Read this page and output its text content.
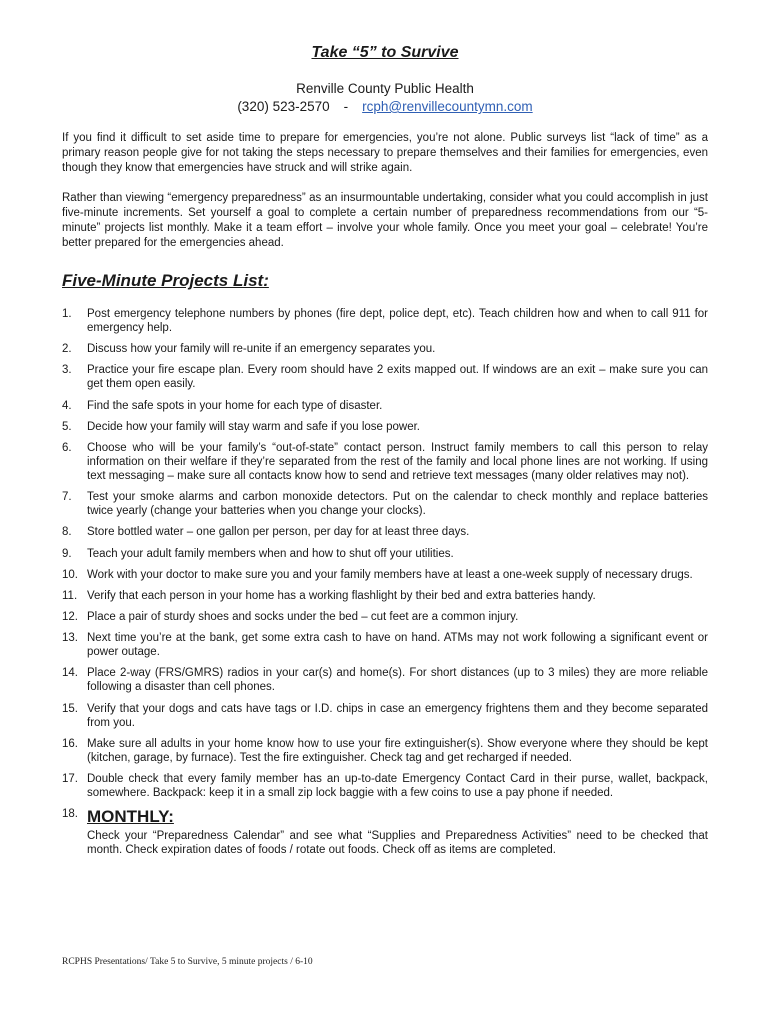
Take “5” to Survive
Renville County Public Health
(320) 523-2570 - rcph@renvillecountymn.com

If you find it difficult to set aside time to prepare for emergencies, you’re not alone. Public surveys list “lack of time” as a primary reason people give for not taking the steps necessary to prepare themselves and their families for emergencies, even though they know that emergencies have struck and will strike again.

Rather than viewing “emergency preparedness” as an insurmountable undertaking, consider what you could accomplish in just five-minute increments. Set yourself a goal to complete a certain number of preparedness recommendations from our “5-minute” projects list monthly. Make it a team effort – involve your whole family. Once you meet your goal – celebrate! You’re better prepared for the emergencies ahead.

Five-Minute Projects List:
1. Post emergency telephone numbers by phones (fire dept, police dept, etc). Teach children how and when to call 911 for emergency help.
2. Discuss how your family will re-unite if an emergency separates you.
3. Practice your fire escape plan. Every room should have 2 exits mapped out. If windows are an exit – make sure you can get them open easily.
4. Find the safe spots in your home for each type of disaster.
5. Decide how your family will stay warm and safe if you lose power.
6. Choose who will be your family’s “out-of-state” contact person. Instruct family members to call this person to relay information on their welfare if they’re separated from the rest of the family and local phone lines are not working. If using text messaging – make sure all contacts know how to send and retrieve text messages (many older relatives may not).
7. Test your smoke alarms and carbon monoxide detectors. Put on the calendar to check monthly and replace batteries twice yearly (change your batteries when you change your clocks).
8. Store bottled water – one gallon per person, per day for at least three days.
9. Teach your adult family members when and how to shut off your utilities.
10. Work with your doctor to make sure you and your family members have at least a one-week supply of necessary drugs.
11. Verify that each person in your home has a working flashlight by their bed and extra batteries handy.
12. Place a pair of sturdy shoes and socks under the bed – cut feet are a common injury.
13. Next time you’re at the bank, get some extra cash to have on hand. ATMs may not work following a significant event or power outage.
14. Place 2-way (FRS/GMRS) radios in your car(s) and home(s). For short distances (up to 3 miles) they are more reliable following a disaster than cell phones.
15. Verify that your dogs and cats have tags or I.D. chips in case an emergency frightens them and they become separated from you.
16. Make sure all adults in your home know how to use your fire extinguisher(s). Show everyone where they should be kept (kitchen, garage, by furnace). Test the fire extinguisher. Check tag and get recharged if needed.
17. Double check that every family member has an up-to-date Emergency Contact Card in their purse, wallet, backpack, somewhere. Backpack: keep it in a small zip lock baggie with a few coins to use a pay phone if needed.
18. MONTHLY:
Check your “Preparedness Calendar” and see what “Supplies and Preparedness Activities” need to be checked that month. Check expiration dates of foods / rotate out foods. Check off as items are completed.
RCPHS Presentations/ Take 5 to Survive, 5 minute projects / 6-10
